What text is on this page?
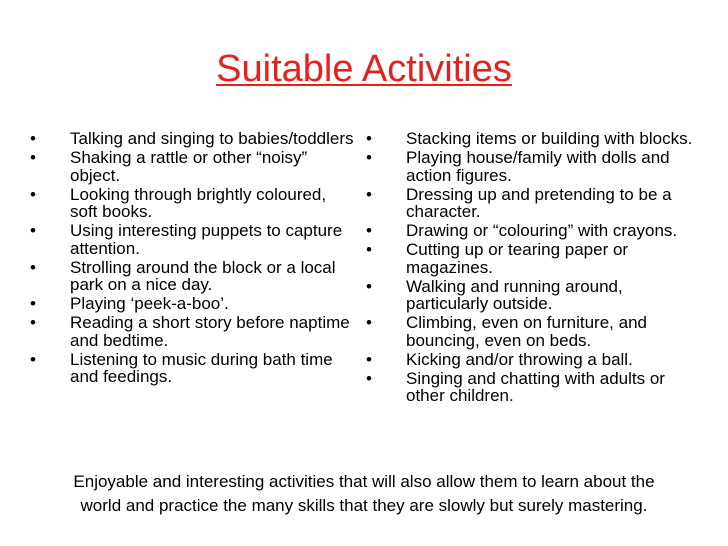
Suitable Activities
•	Talking and singing to babies/toddlers
•	Shaking a rattle or other “noisy” object.
•	Looking through brightly coloured, soft books.
•	Using interesting puppets to capture attention.
•	Strolling around the block or a local park on a nice day.
•	Playing ‘peek-a-boo’.
•	Reading a short story before naptime and bedtime.
•	Listening to music during bath time and feedings.
•	Stacking items or building with blocks.
•	Playing house/family with dolls and action figures.
•	Dressing up and pretending to be a character.
•	Drawing or “colouring” with crayons.
•	Cutting up or tearing paper or magazines.
•	Walking and running around, particularly outside.
•	Climbing, even on furniture, and bouncing, even on beds.
•	Kicking and/or throwing a ball.
•	Singing and chatting with adults or other children.
Enjoyable and interesting activities that will also allow them to learn about the
world and practice the many skills that they are slowly but surely mastering.
